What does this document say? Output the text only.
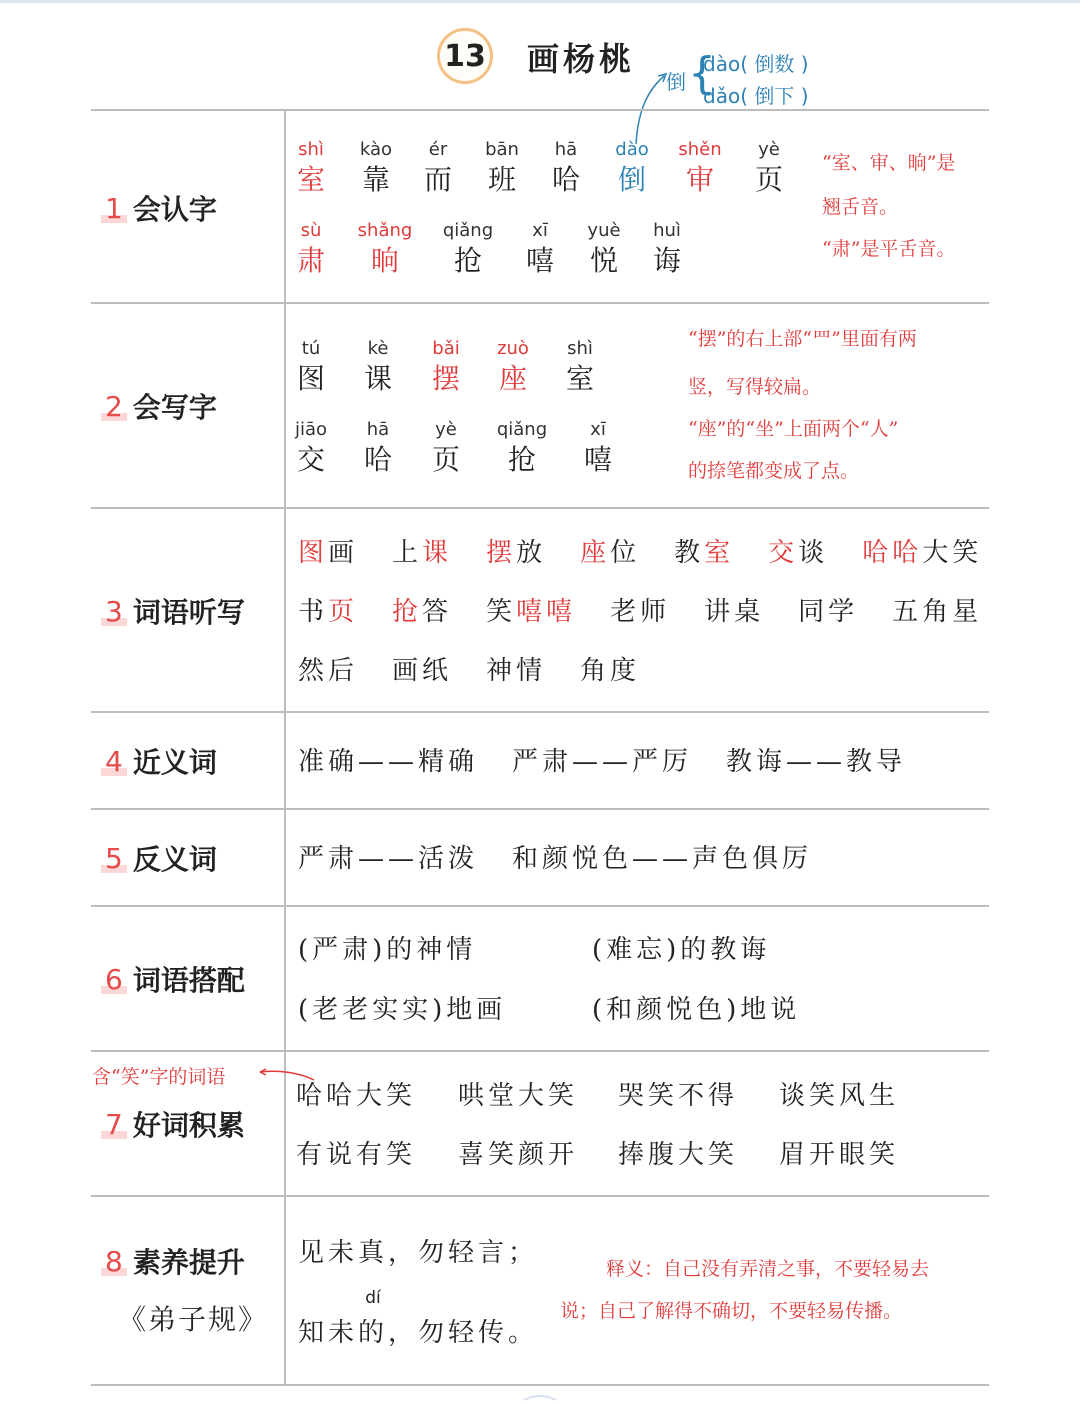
13 画杨桃
倒 {
dào( 倒数 )
dǎo( 倒下 )
1 会认字
2 会写字
3 词语听写
4 近义词
5 反义词
6 词语搭配
7 好词积累
8 素养提升
《弟子规》
shì
室
kào
靠
ér
而
bān
班
hā
哈
dào
倒
shěn
审
yè
页
sù
肃
shǎng
晌
qiǎng
抢
xī
嘻
yuè
悦
huì
诲
“室、审、晌”是
翘舌音。
“肃”是平舌音。
tú
图
kè
课
bǎi
摆
zuò
座
shì
室
jiāo
交
hā
哈
yè
页
qiǎng
抢
xī
嘻
“摆”的右上部“罒”里面有两
竖，写得较扁。
“座”的“坐”上面两个“人”
的捺笔都变成了点。
图画 上课 摆放 座位 教室 交谈 哈哈大笑
书页 抢答 笑嘻嘻 老师 讲桌 同学 五角星
然后 画纸 神情 角度
准确——精确 严肃——严厉 教诲——教导
严肃——活泼 和颜悦色——声色俱厉
(严肃)的神情	(难忘)的教诲
(老老实实)地画	(和颜悦色)地说
含“笑”字的词语
哈哈大笑 哄堂大笑 哭笑不得 谈笑风生
有说有笑 喜笑颜开 捧腹大笑 眉开眼笑
见未真，勿轻言；
知未
dí
的，勿轻传。
释义：自己没有弄清之事，不要轻易去
说；自己了解得不确切，不要轻易传播。
